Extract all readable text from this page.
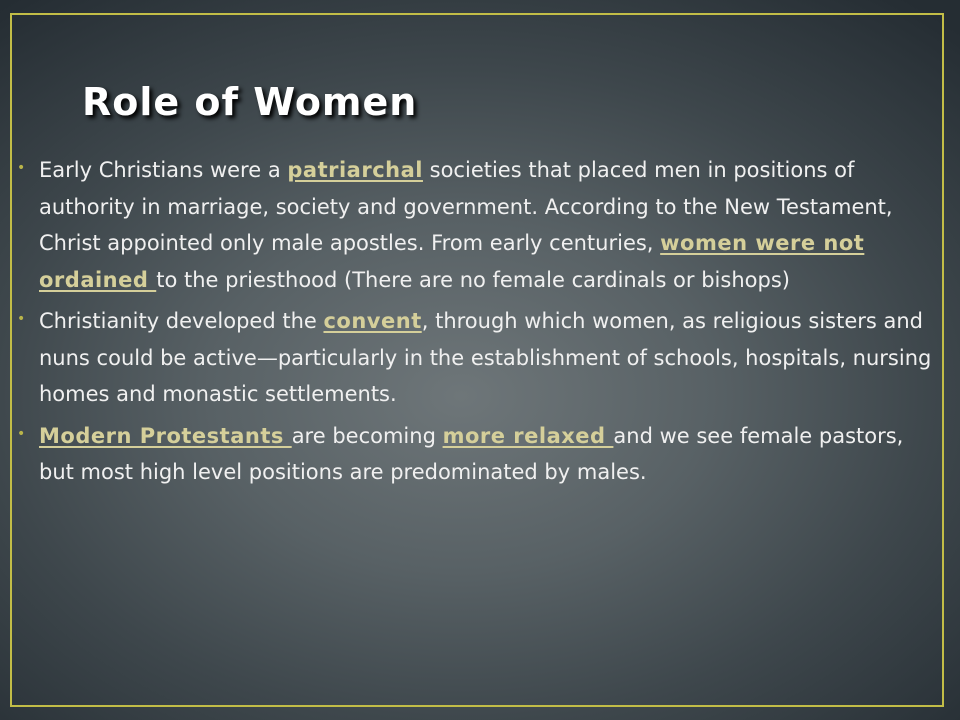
Role of Women
• Early Christians were a patriarchal societies that placed men in positions of authority in marriage, society and government. According to the New Testament, Christ appointed only male apostles. From early centuries, women were not ordained to the priesthood (There are no female cardinals or bishops)
• Christianity developed the convent, through which women, as religious sisters and nuns could be active—particularly in the establishment of schools, hospitals, nursing homes and monastic settlements.
• Modern Protestants are becoming more relaxed and we see female pastors, but most high level positions are predominated by males.
